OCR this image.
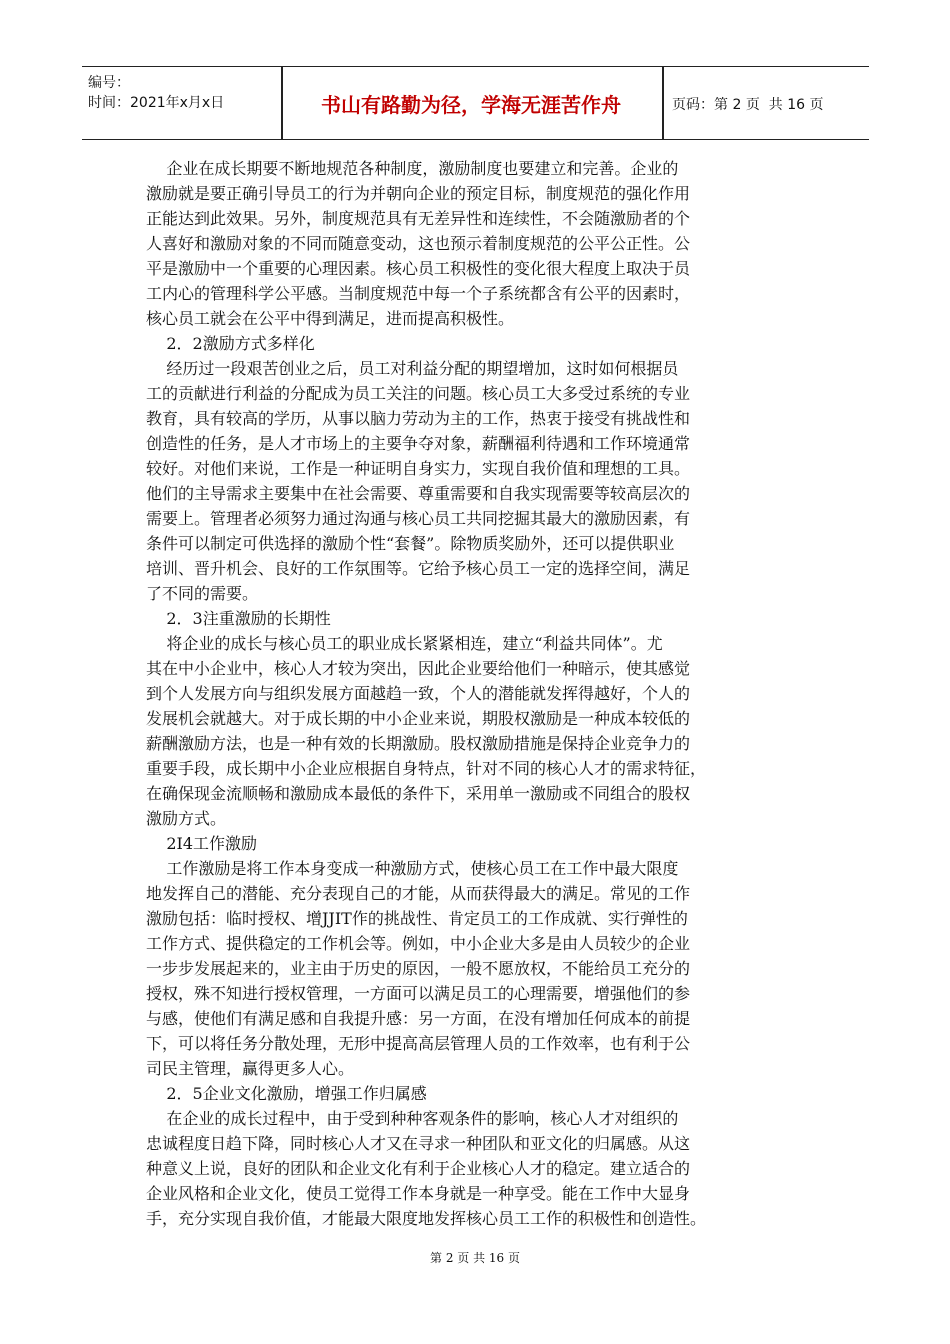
编号：
时间：2021年x月x日	书山有路勤为径，学海无涯苦作舟	页码：第 2 页  共 16 页
企业在成长期要不断地规范各种制度，激励制度也要建立和完善。企业的
激励就是要正确引导员工的行为并朝向企业的预定目标，制度规范的强化作用
正能达到此效果。另外，制度规范具有无差异性和连续性，不会随激励者的个
人喜好和激励对象的不同而随意变动，这也预示着制度规范的公平公正性。公
平是激励中一个重要的心理因素。核心员工积极性的变化很大程度上取决于员
工内心的管理科学公平感。当制度规范中每一个子系统都含有公平的因素时，
核心员工就会在公平中得到满足，进而提高积极性。
2．2激励方式多样化
经历过一段艰苦创业之后，员工对利益分配的期望增加，这时如何根据员
工的贡献进行利益的分配成为员工关注的问题。核心员工大多受过系统的专业
教育，具有较高的学历，从事以脑力劳动为主的工作，热衷于接受有挑战性和
创造性的任务，是人才市场上的主要争夺对象，薪酬福利待遇和工作环境通常
较好。对他们来说，工作是一种证明自身实力，实现自我价值和理想的工具。
他们的主导需求主要集中在社会需要、尊重需要和自我实现需要等较高层次的
需要上。管理者必须努力通过沟通与核心员工共同挖掘其最大的激励因素，有
条件可以制定可供选择的激励个性“套餐”。除物质奖励外，还可以提供职业
培训、晋升机会、良好的工作氛围等。它给予核心员工一定的选择空间，满足
了不同的需要。
2．3注重激励的长期性
将企业的成长与核心员工的职业成长紧紧相连，建立“利益共同体”。尤
其在中小企业中，核心人才较为突出，因此企业要给他们一种暗示，使其感觉
到个人发展方向与组织发展方面越趋一致，个人的潜能就发挥得越好，个人的
发展机会就越大。对于成长期的中小企业来说，期股权激励是一种成本较低的
薪酬激励方法，也是一种有效的长期激励。股权激励措施是保持企业竞争力的
重要手段，成长期中小企业应根据自身特点，针对不同的核心人才的需求特征，
在确保现金流顺畅和激励成本最低的条件下，采用单一激励或不同组合的股权
激励方式。
2I4工作激励
工作激励是将工作本身变成一种激励方式，使核心员工在工作中最大限度
地发挥自己的潜能、充分表现自己的才能，从而获得最大的满足。常见的工作
激励包括：临时授权、增JJIT作的挑战性、肯定员工的工作成就、实行弹性的
工作方式、提供稳定的工作机会等。例如，中小企业大多是由人员较少的企业
一步步发展起来的，业主由于历史的原因，一般不愿放权，不能给员工充分的
授权，殊不知进行授权管理，一方面可以满足员工的心理需要，增强他们的参
与感，使他们有满足感和自我提升感：另一方面，在没有增加任何成本的前提
下，可以将任务分散处理，无形中提高高层管理人员的工作效率，也有利于公
司民主管理，赢得更多人心。
2．5企业文化激励，增强工作归属感
在企业的成长过程中，由于受到种种客观条件的影响，核心人才对组织的
忠诚程度日趋下降，同时核心人才又在寻求一种团队和亚文化的归属感。从这
种意义上说，良好的团队和企业文化有利于企业核心人才的稳定。建立适合的
企业风格和企业文化，使员工觉得工作本身就是一种享受。能在工作中大显身
手，充分实现自我价值，才能最大限度地发挥核心员工工作的积极性和创造性。
第 2 页 共 16 页
